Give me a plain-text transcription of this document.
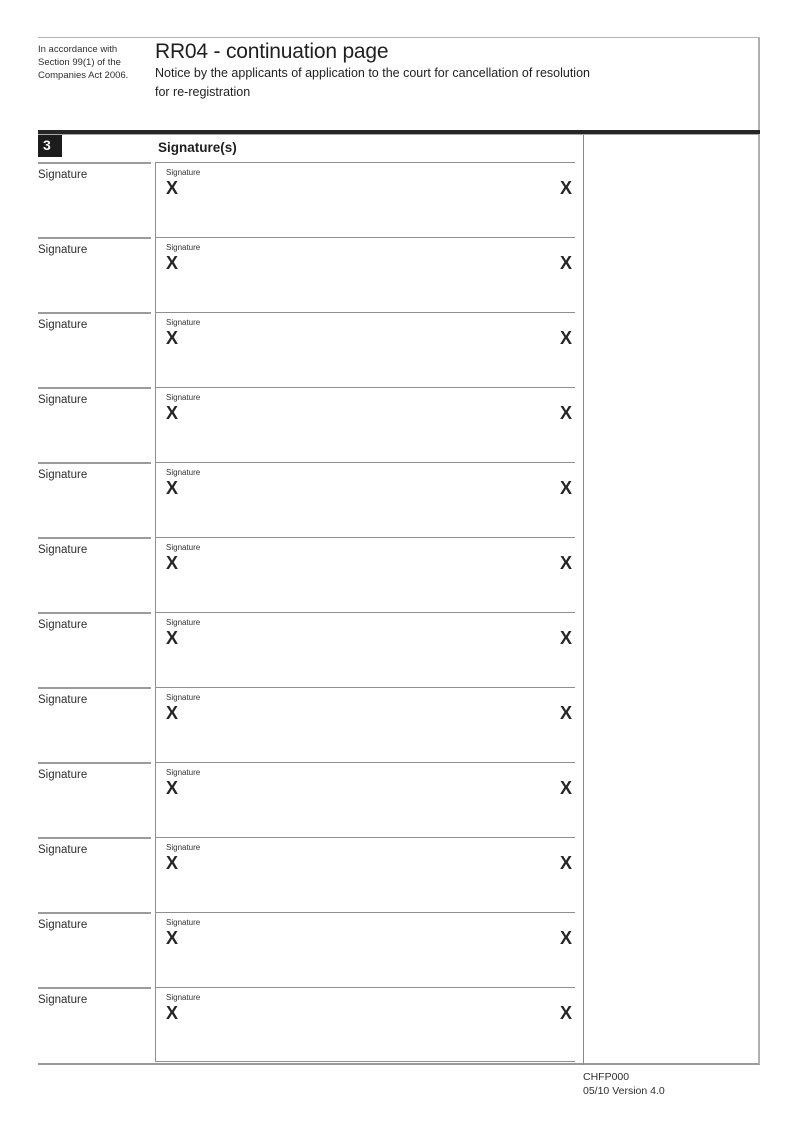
In accordance with
Section 99(1) of the
Companies Act 2006.
RR04 - continuation page
Notice by the applicants of application to the court for cancellation of resolution
for re-registration
3	Signature(s)
Signature	Signature
X	X
Signature	Signature
X	X
Signature	Signature
X	X
Signature	Signature
X	X
Signature	Signature
X	X
Signature	Signature
X	X
Signature	Signature
X	X
Signature	Signature
X	X
Signature	Signature
X	X
Signature	Signature
X	X
Signature	Signature
X	X
Signature	Signature
X	X
CHFP000
05/10 Version 4.0
